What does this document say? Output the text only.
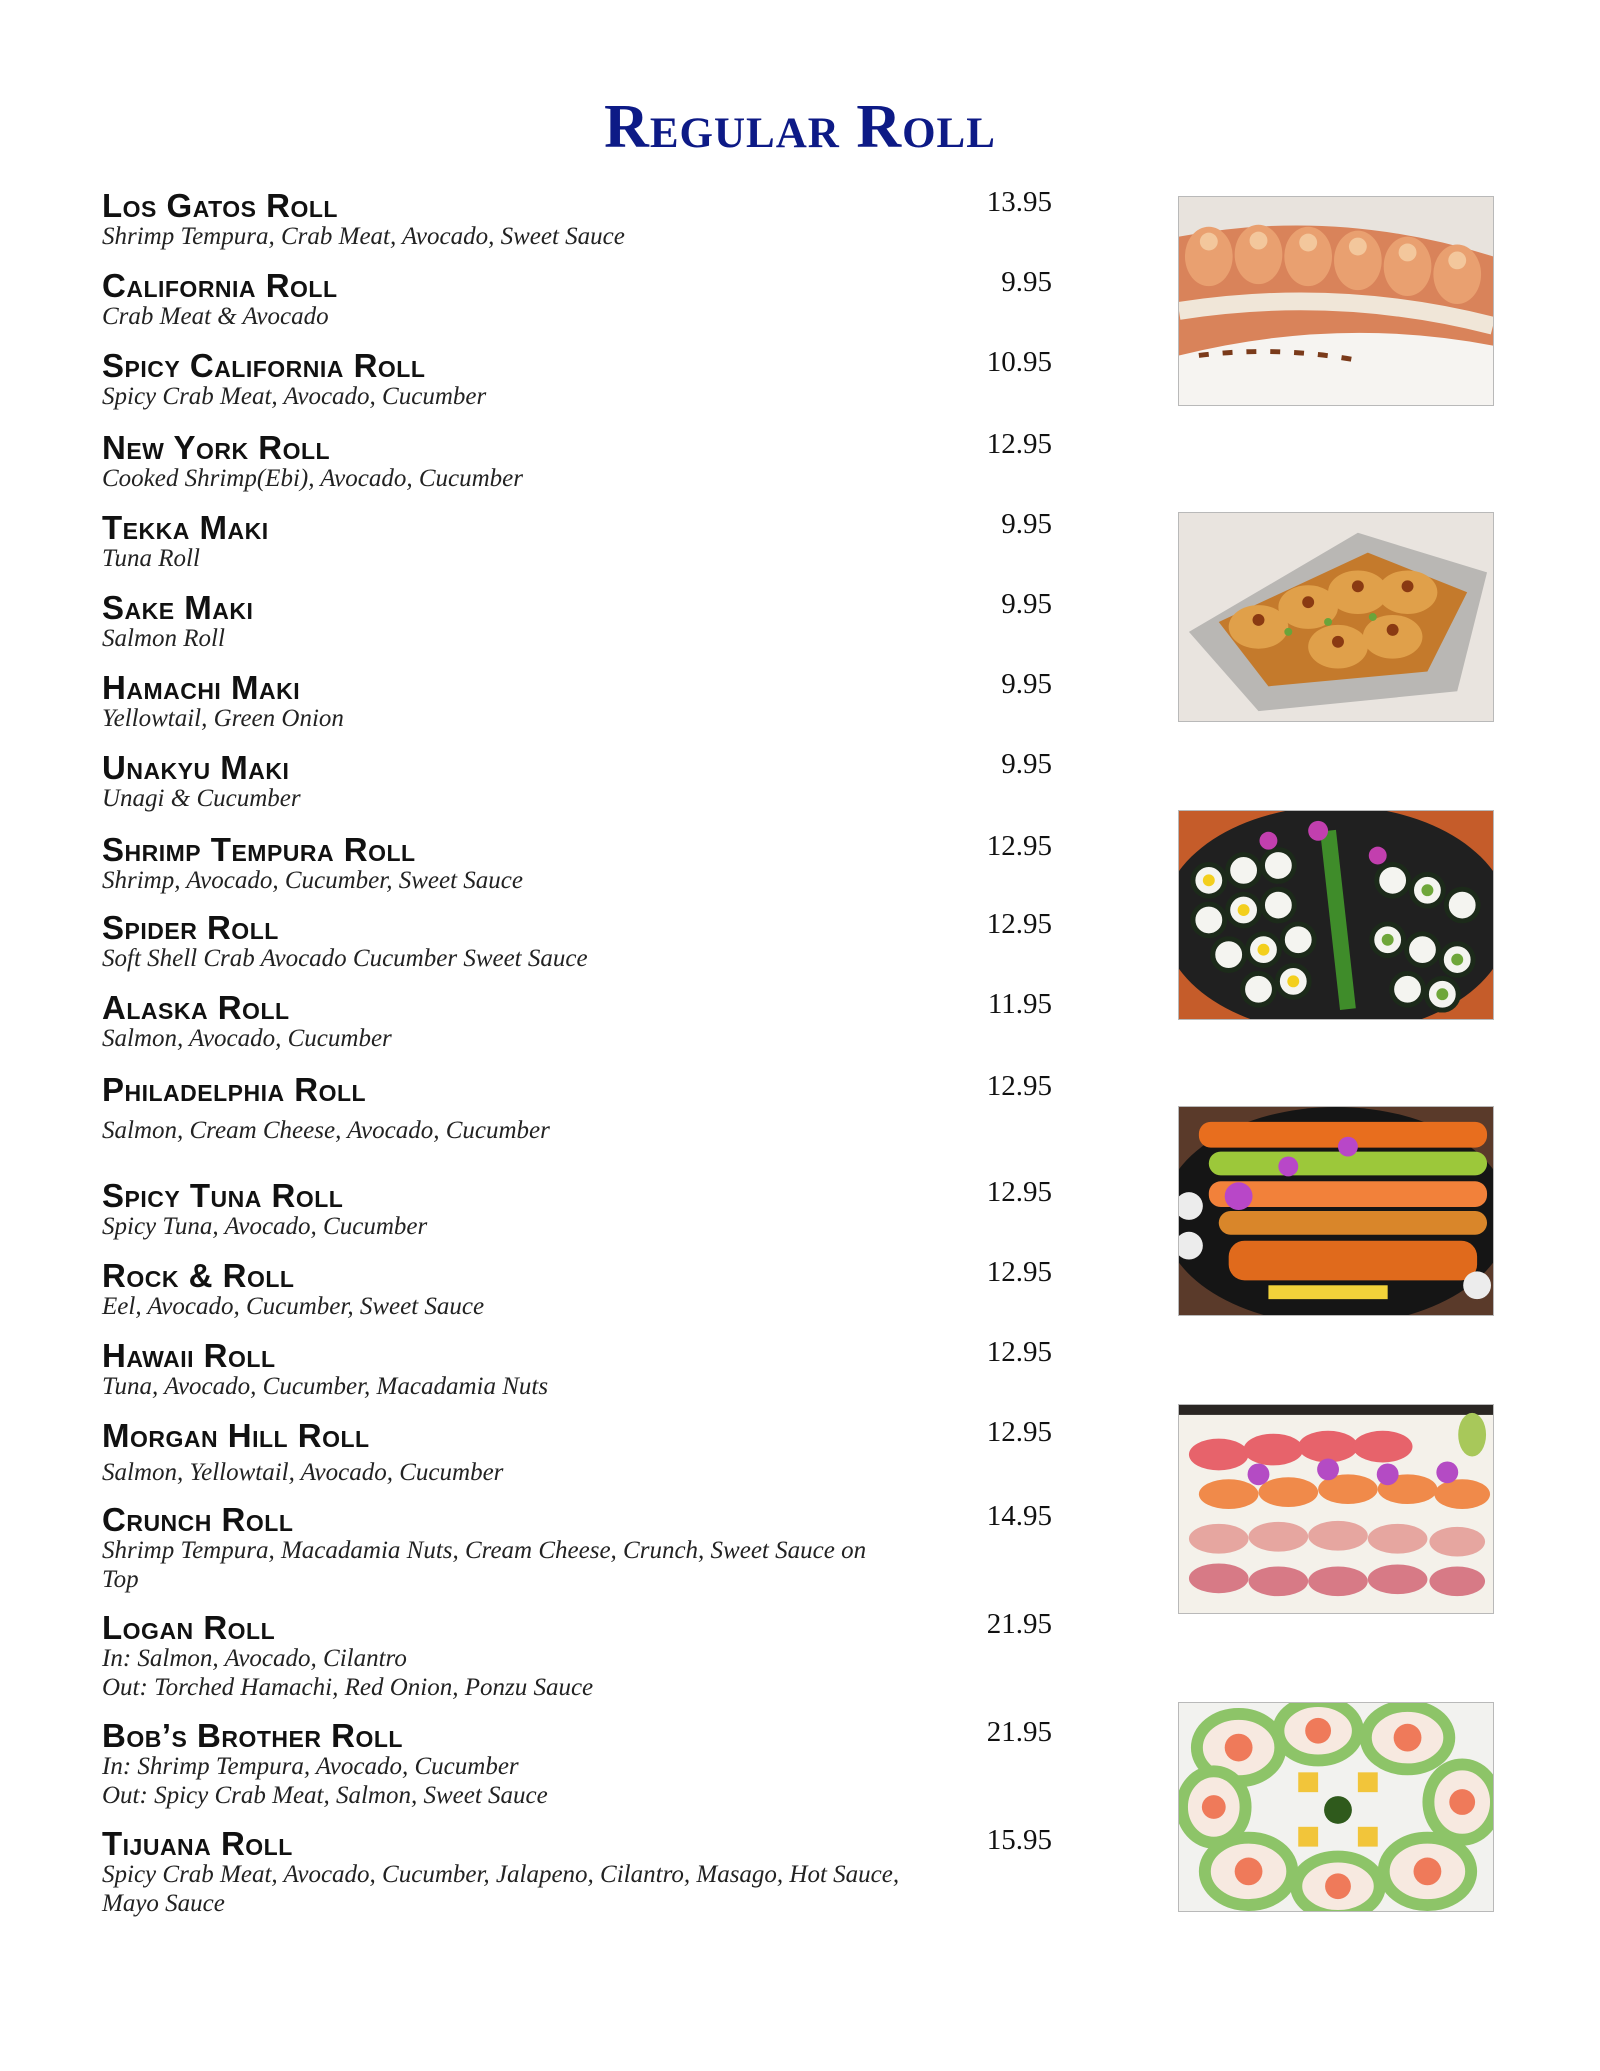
Regular Roll
Los Gatos Roll	13.95
Shrimp Tempura, Crab Meat, Avocado, Sweet Sauce
California Roll	9.95
Crab Meat & Avocado
Spicy California Roll	10.95
Spicy Crab Meat, Avocado, Cucumber
New York Roll	12.95
Cooked Shrimp(Ebi), Avocado, Cucumber
Tekka Maki	9.95
Tuna Roll
Sake Maki	9.95
Salmon Roll
Hamachi Maki	9.95
Yellowtail, Green Onion
Unakyu Maki	9.95
Unagi & Cucumber
Shrimp Tempura Roll	12.95
Shrimp, Avocado, Cucumber, Sweet Sauce
Spider Roll	12.95
Soft Shell Crab Avocado Cucumber Sweet Sauce
Alaska Roll	11.95
Salmon, Avocado, Cucumber
Philadelphia Roll	12.95
Salmon, Cream Cheese, Avocado, Cucumber
Spicy Tuna Roll	12.95
Spicy Tuna, Avocado, Cucumber
Rock & Roll	12.95
Eel, Avocado, Cucumber, Sweet Sauce
Hawaii Roll	12.95
Tuna, Avocado, Cucumber, Macadamia Nuts
Morgan Hill Roll	12.95
Salmon, Yellowtail, Avocado, Cucumber
Crunch Roll	14.95
Shrimp Tempura, Macadamia Nuts, Cream Cheese, Crunch, Sweet Sauce on
Top
Logan Roll	21.95
In: Salmon, Avocado, Cilantro
Out: Torched Hamachi, Red Onion, Ponzu Sauce
Bob’s Brother Roll	21.95
In: Shrimp Tempura, Avocado, Cucumber
Out: Spicy Crab Meat, Salmon, Sweet Sauce
Tijuana Roll	15.95
Spicy Crab Meat, Avocado, Cucumber, Jalapeno, Cilantro, Masago, Hot Sauce,
Mayo Sauce
